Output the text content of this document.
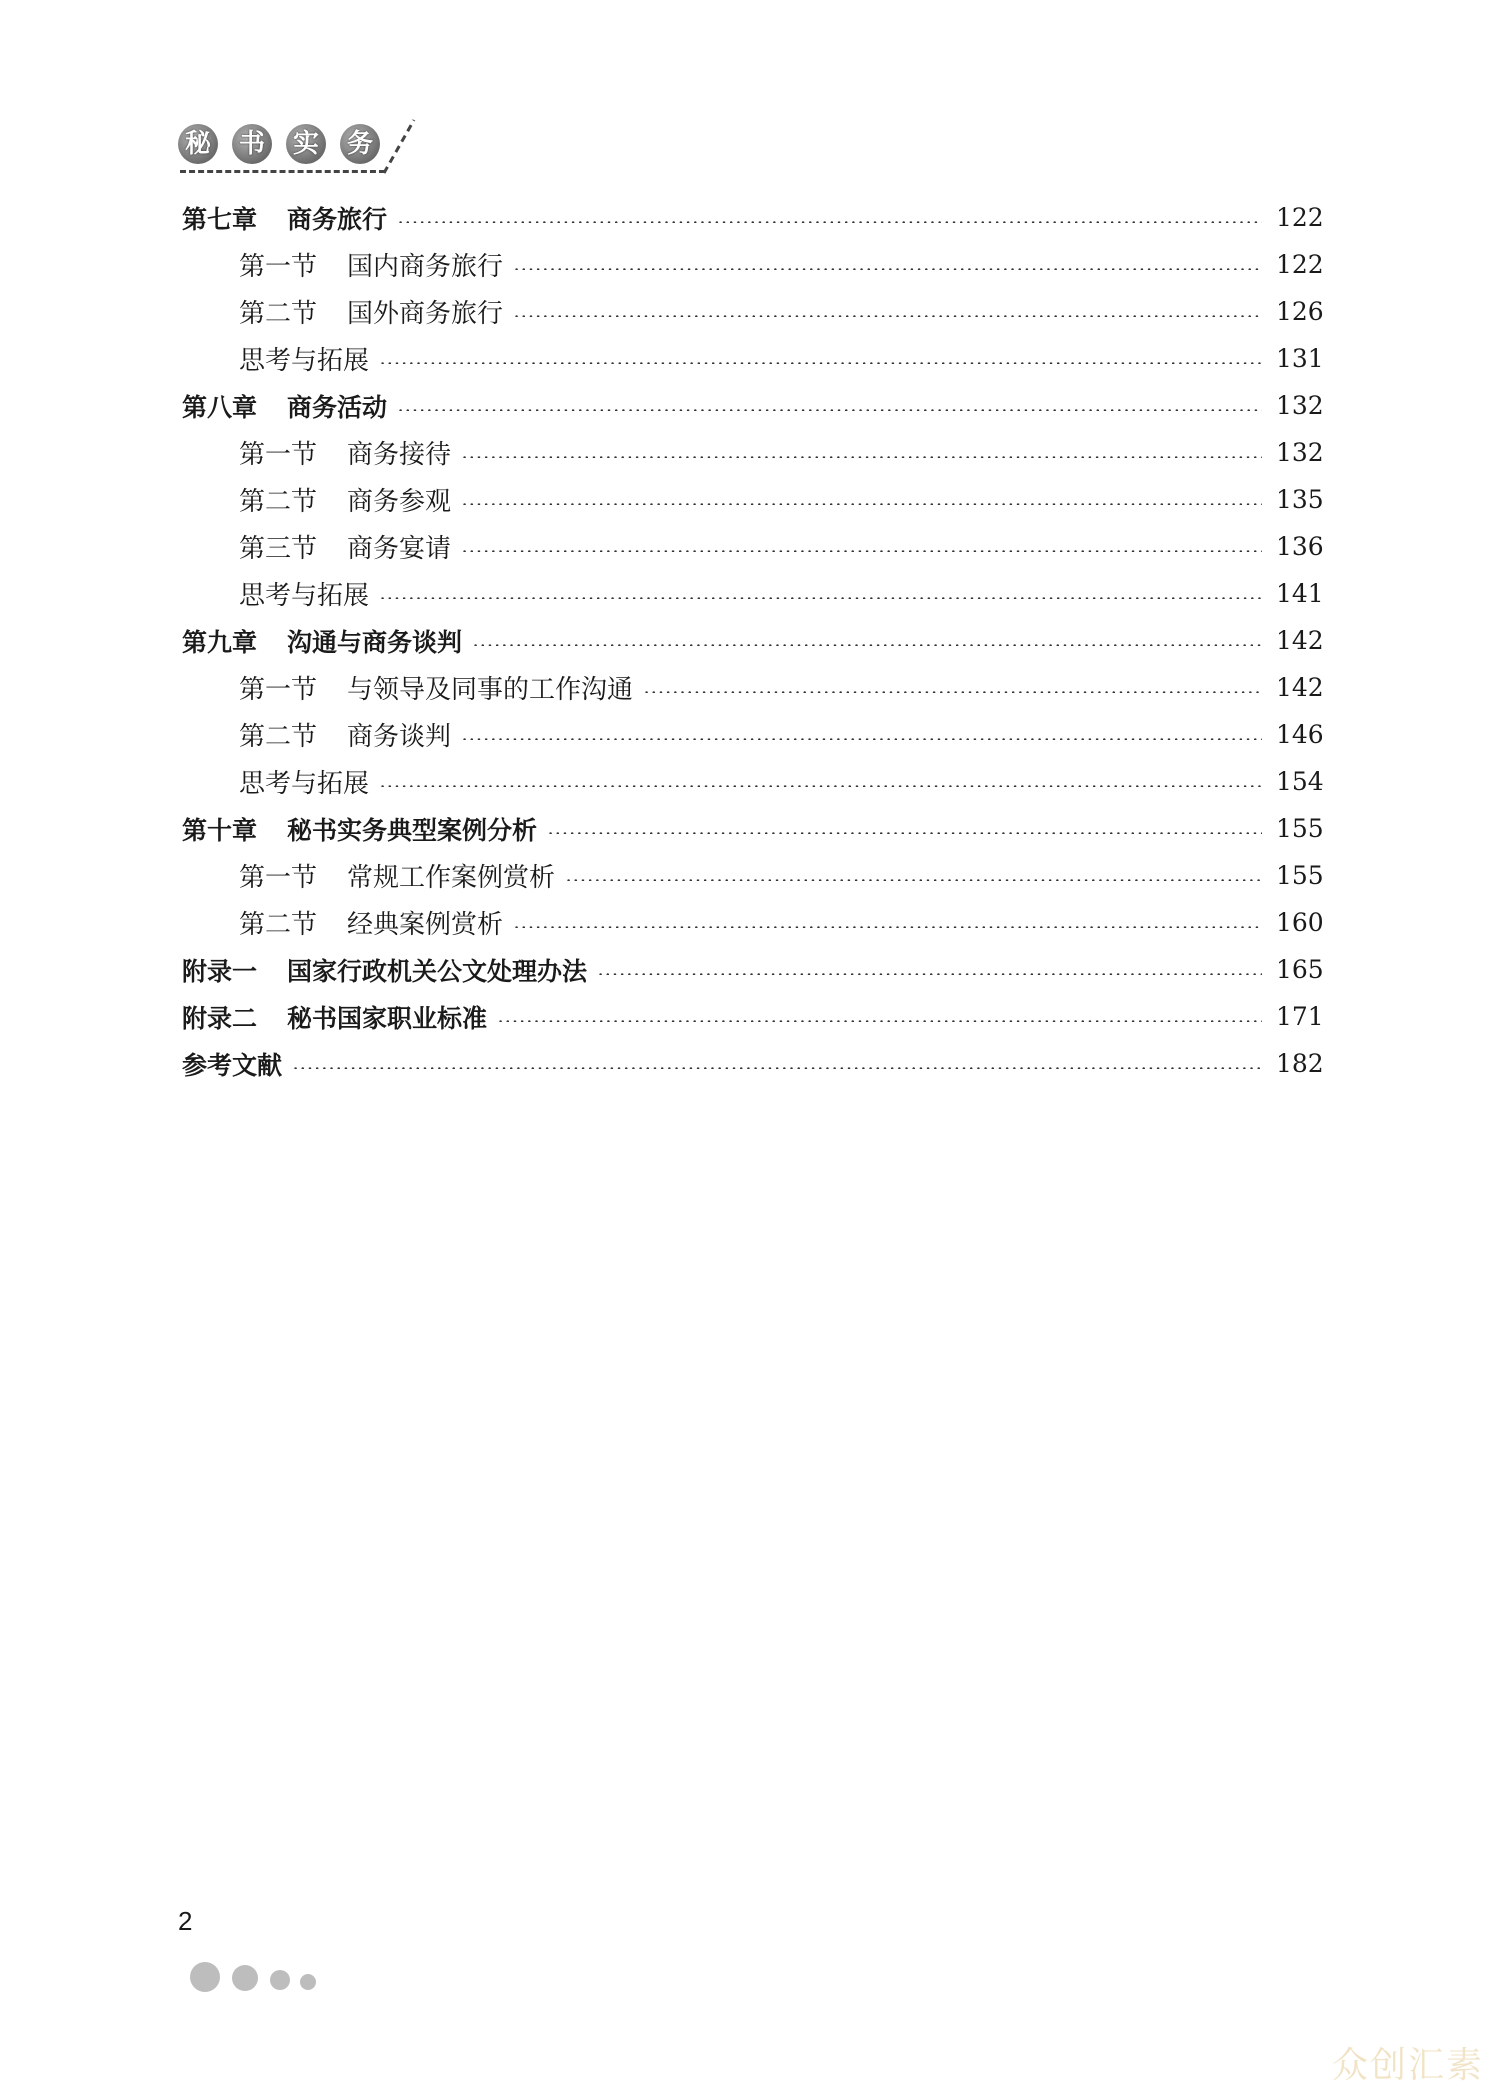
秘 书 实 务
第七章 商务旅行	122
第一节 国内商务旅行	122
第二节 国外商务旅行	126
思考与拓展	131
第八章 商务活动	132
第一节 商务接待	132
第二节 商务参观	135
第三节 商务宴请	136
思考与拓展	141
第九章 沟通与商务谈判	142
第一节 与领导及同事的工作沟通	142
第二节 商务谈判	146
思考与拓展	154
第十章 秘书实务典型案例分析	155
第一节 常规工作案例赏析	155
第二节 经典案例赏析	160
附录一 国家行政机关公文处理办法	165
附录二 秘书国家职业标准	171
参考文献	182
2
众创汇素
